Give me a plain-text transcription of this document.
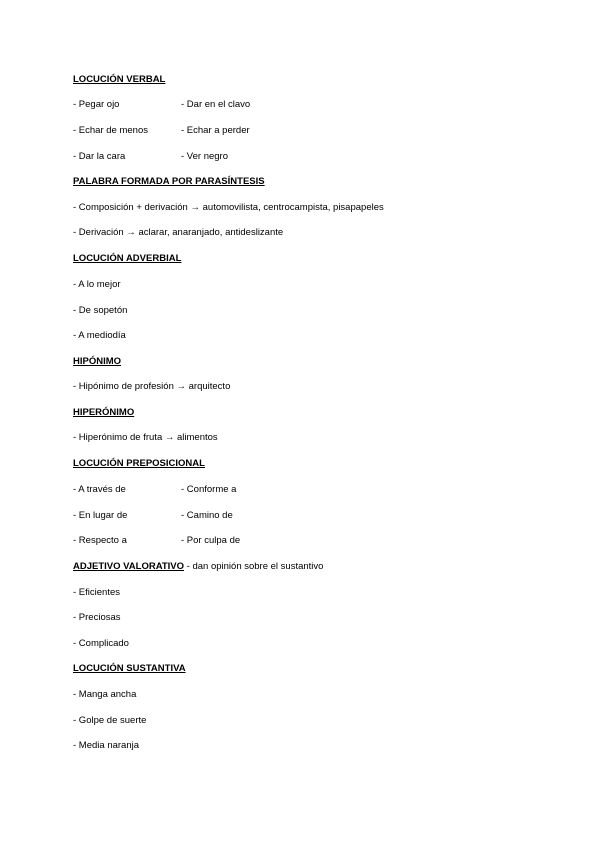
LOCUCIÓN VERBAL
- Pegar ojo	- Dar en el clavo
- Echar de menos	- Echar a perder
- Dar la cara	- Ver negro
PALABRA FORMADA POR PARASÍNTESIS
- Composición + derivación → automovilista, centrocampista, pisapapeles
- Derivación → aclarar, anaranjado, antideslizante
LOCUCIÓN ADVERBIAL
- A lo mejor
- De sopetón
- A mediodía
HIPÓNIMO
- Hipónimo de profesión → arquitecto
HIPERÓNIMO
- Hiperónimo de fruta → alimentos
LOCUCIÓN PREPOSICIONAL
- A través de	- Conforme a
- En lugar de	- Camino de
- Respecto a	- Por culpa de
ADJETIVO VALORATIVO - dan opinión sobre el sustantivo
- Eficientes
- Preciosas
- Complicado
LOCUCIÓN SUSTANTIVA
- Manga ancha
- Golpe de suerte
- Media naranja
